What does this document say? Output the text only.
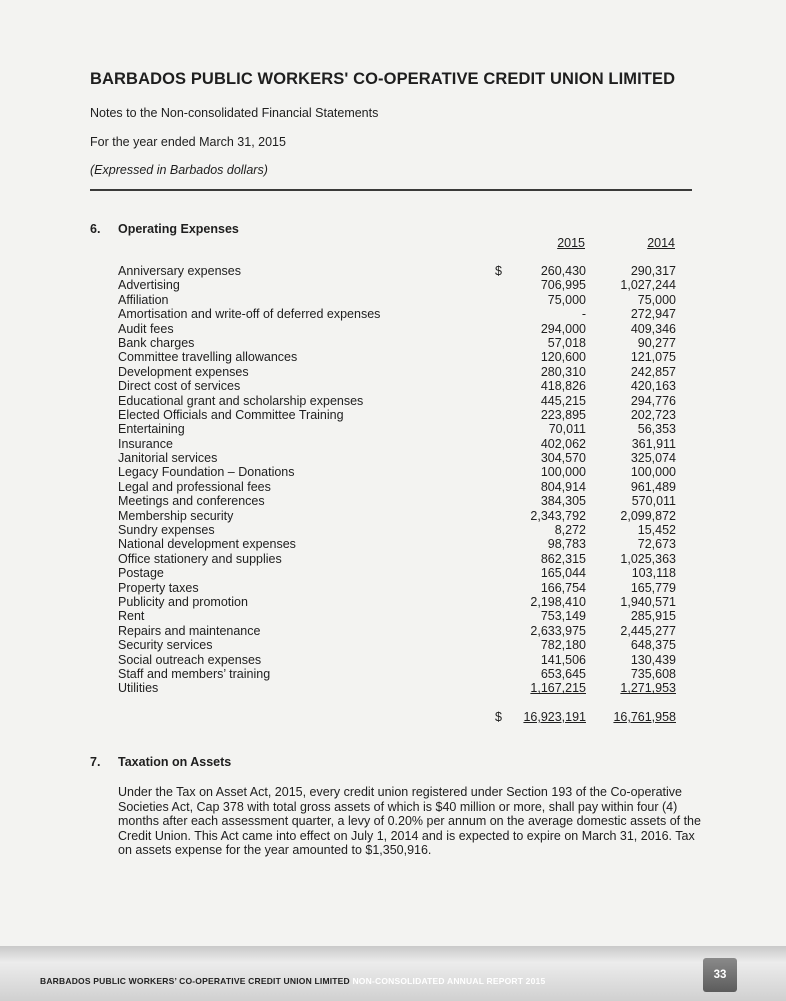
BARBADOS PUBLIC WORKERS' CO-OPERATIVE CREDIT UNION LIMITED
Notes to the Non-consolidated Financial Statements
For the year ended March 31, 2015
(Expressed in Barbados dollars)
6. Operating Expenses
2015	2014
Anniversary expenses	260,430	290,317
$
Advertising	706,995	1,027,244
Affiliation	75,000	75,000
Amortisation and write-off of deferred expenses	-	272,947
Audit fees	294,000	409,346
Bank charges	57,018	90,277
Committee travelling allowances	120,600	121,075
Development expenses	280,310	242,857
Direct cost of services	418,826	420,163
Educational grant and scholarship expenses	445,215	294,776
Elected Officials and Committee Training	223,895	202,723
Entertaining	70,011	56,353
Insurance	402,062	361,911
Janitorial services	304,570	325,074
Legacy Foundation – Donations	100,000	100,000
Legal and professional fees	804,914	961,489
Meetings and conferences	384,305	570,011
Membership security	2,343,792	2,099,872
Sundry expenses	8,272	15,452
National development expenses	98,783	72,673
Office stationery and supplies	862,315	1,025,363
Postage	165,044	103,118
Property taxes	166,754	165,779
Publicity and promotion	2,198,410	1,940,571
Rent	753,149	285,915
Repairs and maintenance	2,633,975	2,445,277
Security services	782,180	648,375
Social outreach expenses	141,506	130,439
Staff and members’ training	653,645	735,608
Utilities	1,167,215	1,271,953
$ 16,923,191 16,761,958
7. Taxation on Assets
Under the Tax on Asset Act, 2015, every credit union registered under Section 193 of the Co-operative Societies Act, Cap 378 with total gross assets of which is $40 million or more, shall pay within four (4) months after each assessment quarter, a levy of 0.20% per annum on the average domestic assets of the Credit Union. This Act came into effect on July 1, 2014 and is expected to expire on March 31, 2016. Tax on assets expense for the year amounted to $1,350,916.
BARBADOS PUBLIC WORKERS’ CO-OPERATIVE CREDIT UNION LIMITED NON-CONSOLIDATED ANNUAL REPORT 2015	33
